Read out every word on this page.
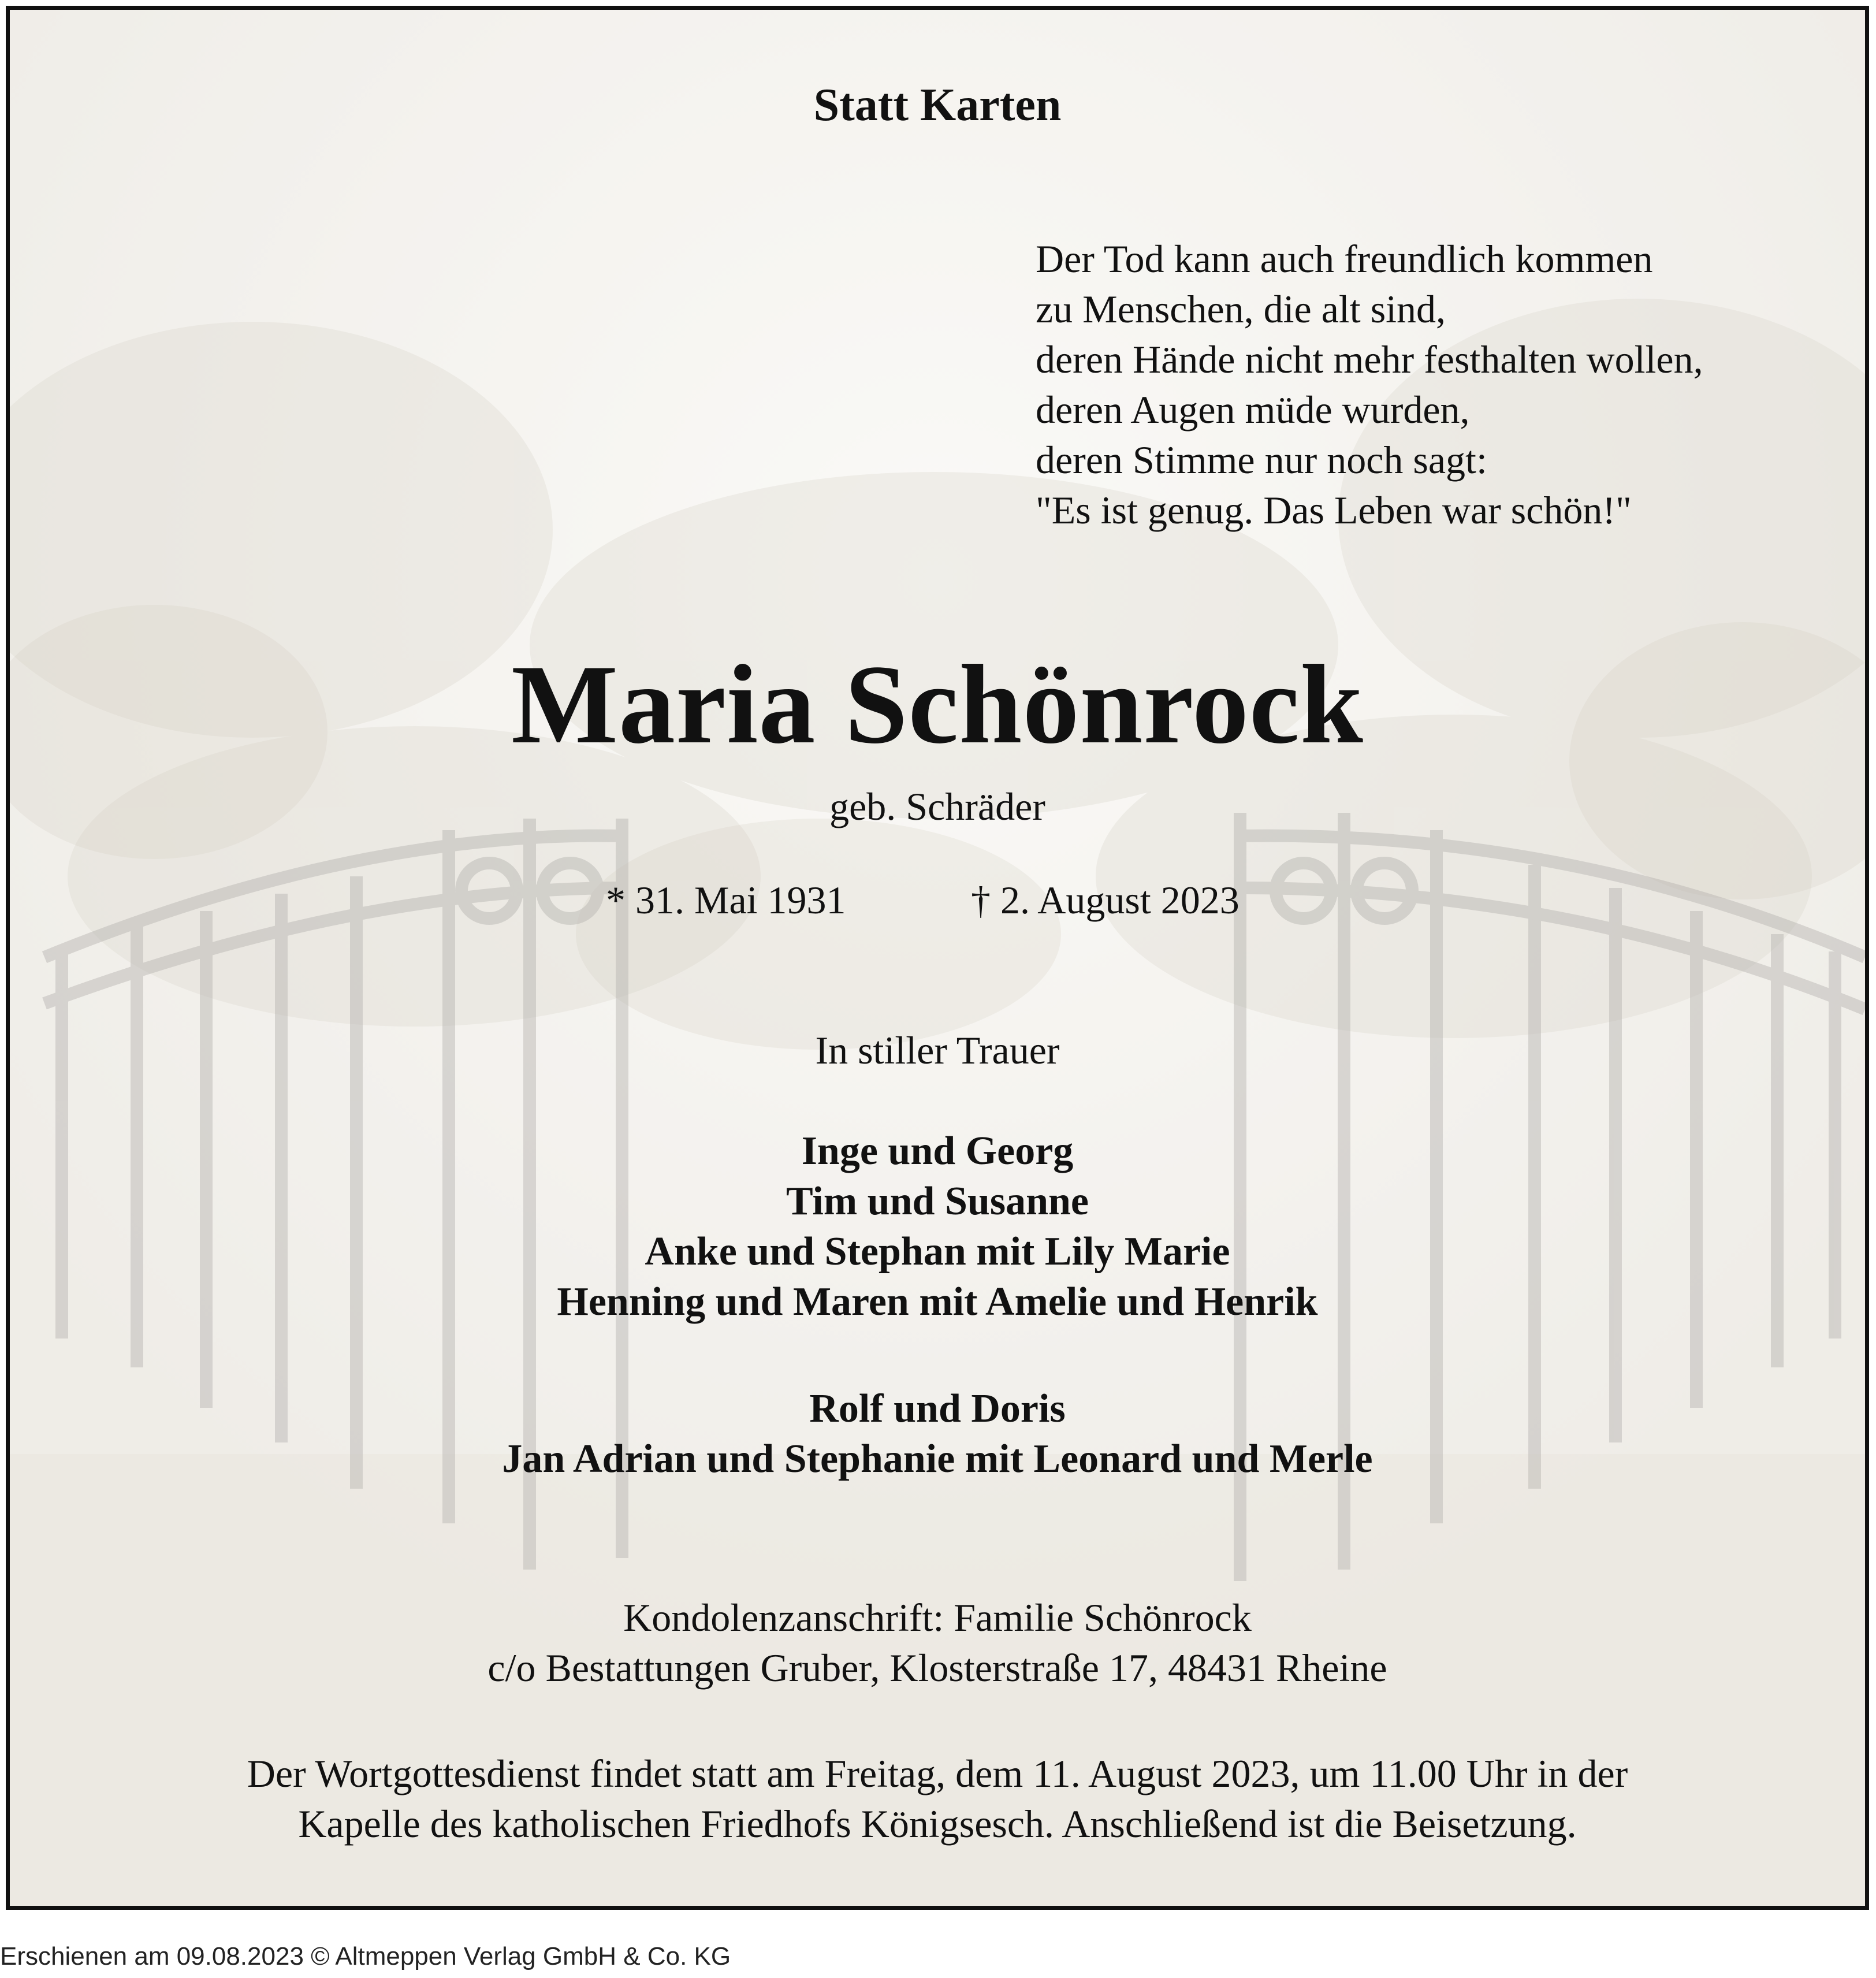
Statt Karten
Der Tod kann auch freundlich kommen
zu Menschen, die alt sind,
deren Hände nicht mehr festhalten wollen,
deren Augen müde wurden,
deren Stimme nur noch sagt:
"Es ist genug. Das Leben war schön!"
Maria Schönrock
geb. Schräder
* 31. Mai 1931	† 2. August 2023
In stiller Trauer
Inge und Georg
Tim und Susanne
Anke und Stephan mit Lily Marie
Henning und Maren mit Amelie und Henrik
Rolf und Doris
Jan Adrian und Stephanie mit Leonard und Merle
Kondolenzanschrift: Familie Schönrock
c/o Bestattungen Gruber, Klosterstraße 17, 48431 Rheine
Der Wortgottesdienst findet statt am Freitag, dem 11. August 2023, um 11.00 Uhr in der
Kapelle des katholischen Friedhofs Königsesch. Anschließend ist die Beisetzung.
Erschienen am 09.08.2023 © Altmeppen Verlag GmbH & Co. KG
